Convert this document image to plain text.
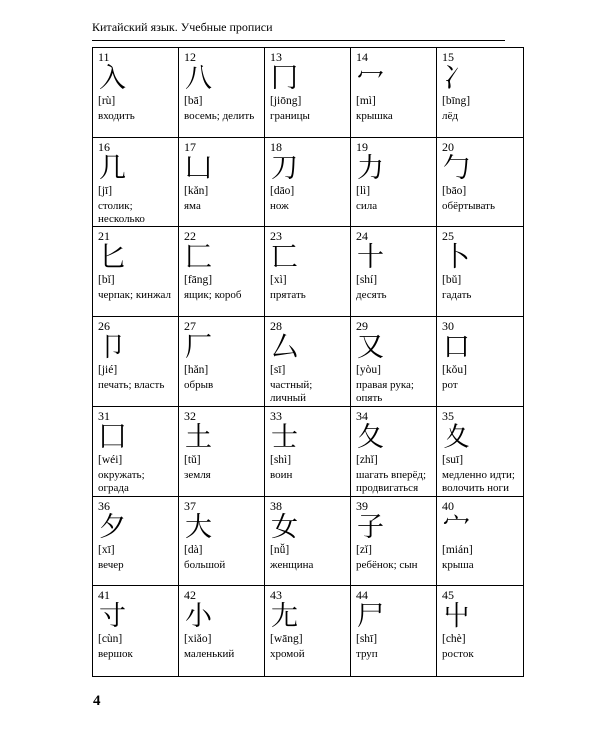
Китайский язык. Учебные прописи
11
入
[rù]
входить
12
八
[bā]
восемь; делить
13
冂
[jiōng]
границы
14
冖
[mì]
крышка
15
冫
[bīng]
лёд
16
几
[jī]
столик; несколько
17
凵
[kǎn]
яма
18
刀
[dāo]
нож
19
力
[lì]
сила
20
勹
[bāo]
обёртывать
21
匕
[bǐ]
черпак; кинжал
22
匚
[fāng]
ящик; короб
23
匸
[xì]
прятать
24
十
[shí]
десять
25
卜
[bǔ]
гадать
26
卩
[jié]
печать; власть
27
厂
[hǎn]
обрыв
28
厶
[sī]
частный; личный
29
又
[yòu]
правая рука; опять
30
口
[kǒu]
рот
31
囗
[wéi]
окружать; ограда
32
土
[tǔ]
земля
33
士
[shì]
воин
34
夂
[zhǐ]
шагать вперёд; продвигаться
35
夊
[suī]
медленно идти; волочить ноги
36
夕
[xī]
вечер
37
大
[dà]
большой
38
女
[nǚ]
женщина
39
子
[zǐ]
ребёнок; сын
40
宀
[mián]
крыша
41
寸
[cùn]
вершок
42
小
[xiǎo]
маленький
43
尢
[wāng]
хромой
44
尸
[shī]
труп
45
屮
[chè]
росток
4
